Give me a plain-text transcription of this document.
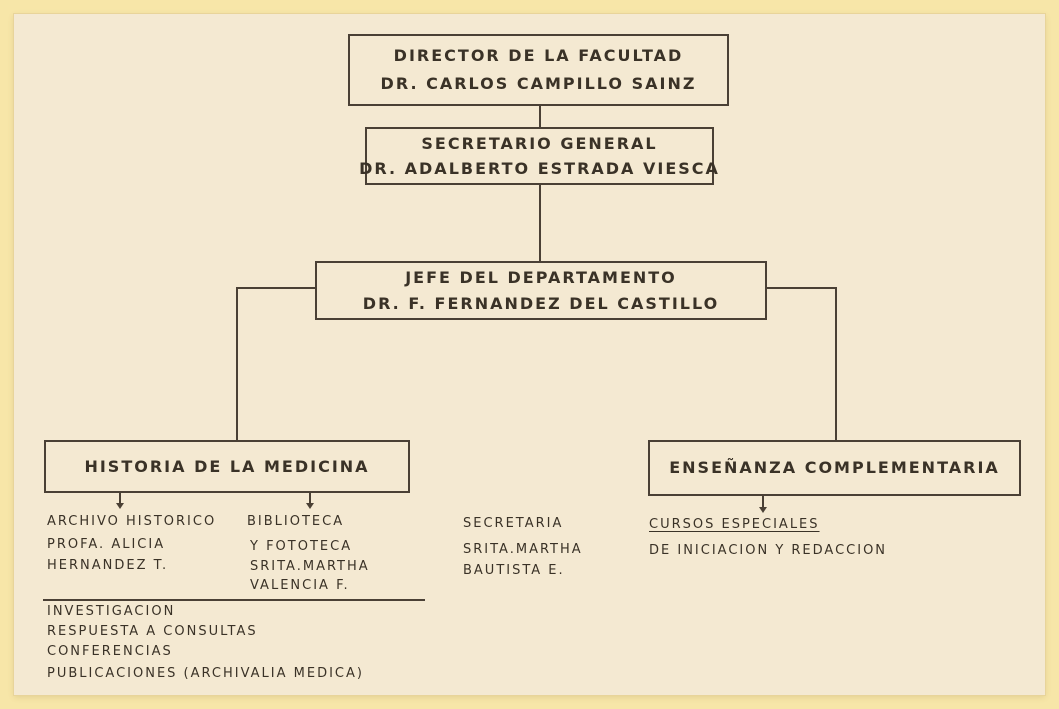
DIRECTOR DE LA FACULTAD
DR. CARLOS CAMPILLO SAINZ
SECRETARIO GENERAL
DR. ADALBERTO ESTRADA VIESCA
JEFE DEL DEPARTAMENTO
DR. F. FERNANDEZ DEL CASTILLO
HISTORIA DE LA MEDICINA	ENSEÑANZA COMPLEMENTARIA
ARCHIVO HISTORICO
PROFA. ALICIA
HERNANDEZ T.
BIBLIOTECA
Y FOTOTECA
SRITA.MARTHA
VALENCIA F.
SECRETARIA
SRITA.MARTHA
BAUTISTA E.
CURSOS ESPECIALES
DE INICIACION Y REDACCION
INVESTIGACION
RESPUESTA A CONSULTAS
CONFERENCIAS
PUBLICACIONES (ARCHIVALIA MEDICA)
